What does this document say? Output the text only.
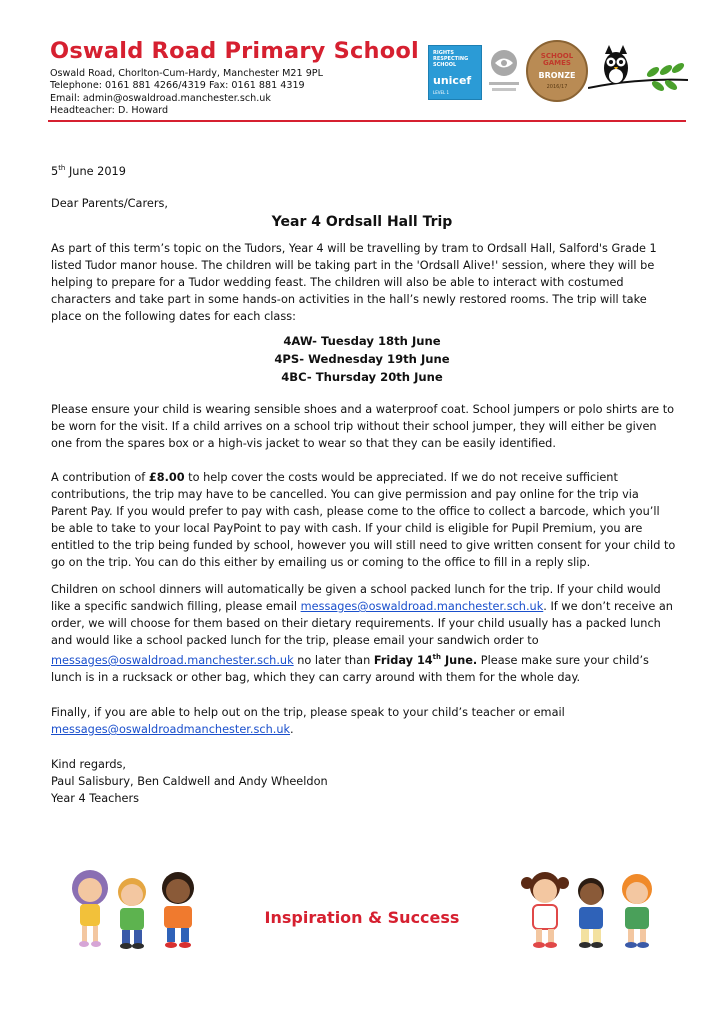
Oswald Road Primary School
Oswald Road, Chorlton-Cum-Hardy, Manchester M21 9PL
Telephone: 0161 881 4266/4319 Fax: 0161 881 4319
Email: admin@oswaldroad.manchester.sch.uk
Headteacher: D. Howard
RIGHTS RESPECTING SCHOOL
unicef
LEVEL 1
SCHOOL
GAMES
BRONZE
2016/17
5th June 2019
Dear Parents/Carers,
Year 4 Ordsall Hall Trip
As part of this term’s topic on the Tudors, Year 4 will be travelling by tram to Ordsall Hall, Salford's Grade 1 listed Tudor manor house. The children will be taking part in the 'Ordsall Alive!' session, where they will be helping to prepare for a Tudor wedding feast. The children will also be able to interact with costumed characters and take part in some hands-on activities in the hall’s newly restored rooms. The trip will take place on the following dates for each class:
4AW- Tuesday 18th June
4PS- Wednesday 19th June
4BC- Thursday 20th June
Please ensure your child is wearing sensible shoes and a waterproof coat. School jumpers or polo shirts are to be worn for the visit. If a child arrives on a school trip without their school jumper, they will either be given one from the spares box or a high-vis jacket to wear so that they can be easily identified.
A contribution of £8.00 to help cover the costs would be appreciated. If we do not receive sufficient contributions, the trip may have to be cancelled. You can give permission and pay online for the trip via Parent Pay. If you would prefer to pay with cash, please come to the office to collect a barcode, which you’ll be able to take to your local PayPoint to pay with cash. If your child is eligible for Pupil Premium, you are entitled to the trip being funded by school, however you will still need to give written consent for your child to go on the trip. You can do this either by emailing us or coming to the office to fill in a reply slip.
Children on school dinners will automatically be given a school packed lunch for the trip. If your child would like a specific sandwich filling, please email messages@oswaldroad.manchester.sch.uk. If we don’t receive an order, we will choose for them based on their dietary requirements. If your child usually has a packed lunch and would like a school packed lunch for the trip, please email your sandwich order to messages@oswaldroad.manchester.sch.uk no later than Friday 14th June. Please make sure your child’s lunch is in a rucksack or other bag, which they can carry around with them for the whole day.
Finally, if you are able to help out on the trip, please speak to your child’s teacher or email messages@oswaldroadmanchester.sch.uk.
Kind regards,
Paul Salisbury, Ben Caldwell and Andy Wheeldon
Year 4 Teachers
Inspiration & Success
